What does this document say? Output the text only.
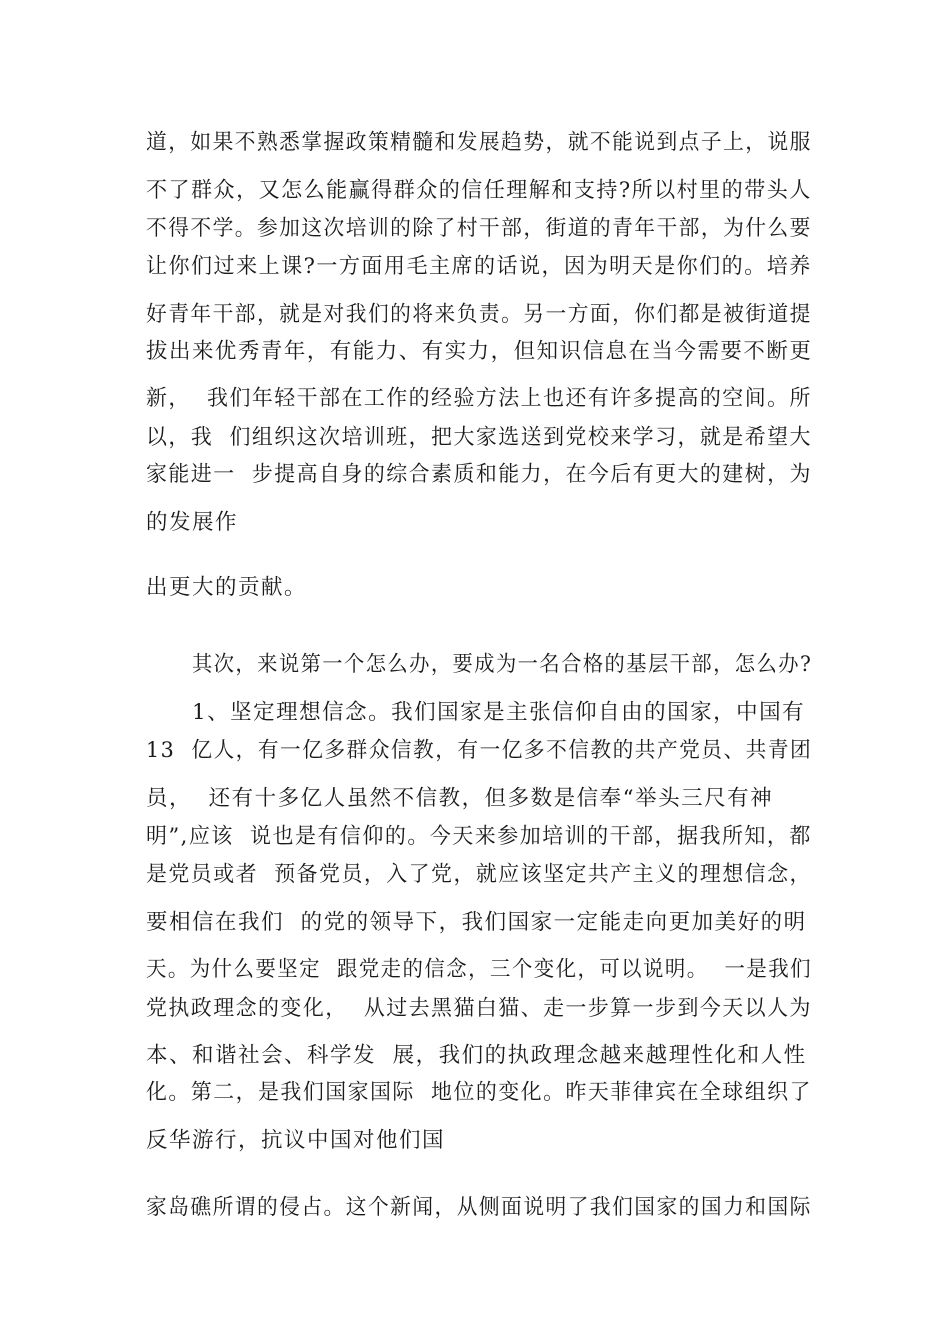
道，如果不熟悉掌握政策精髓和发展趋势，就不能说到点子上，说服
不了群众，又怎么能赢得群众的信任理解和支持?所以村里的带头人
不得不学。参加这次培训的除了村干部，街道的青年干部，为什么要
让你们过来上课?一方面用毛主席的话说，因为明天是你们的。培养
好青年干部，就是对我们的将来负责。另一方面，你们都是被街道提
拔出来优秀青年，有能力、有实力，但知识信息在当今需要不断更
新，  我们年轻干部在工作的经验方法上也还有许多提高的空间。所
以，我  们组织这次培训班，把大家选送到党校来学习，就是希望大
家能进一  步提高自身的综合素质和能力，在今后有更大的建树，为
的发展作
出更大的贡献。
其次，来说第一个怎么办，要成为一名合格的基层干部，怎么办?
1、坚定理想信念。我们国家是主张信仰自由的国家，中国有
13  亿人，有一亿多群众信教，有一亿多不信教的共产党员、共青团
员，  还有十多亿人虽然不信教，但多数是信奉“举头三尺有神
明”,应该  说也是有信仰的。今天来参加培训的干部，据我所知，都
是党员或者  预备党员，入了党，就应该坚定共产主义的理想信念，
要相信在我们  的党的领导下，我们国家一定能走向更加美好的明
天。为什么要坚定  跟党走的信念，三个变化，可以说明。  一是我们
党执政理念的变化，  从过去黑猫白猫、走一步算一步到今天以人为
本、和谐社会、科学发  展，我们的执政理念越来越理性化和人性
化。第二，是我们国家国际  地位的变化。昨天菲律宾在全球组织了
反华游行，抗议中国对他们国
家岛礁所谓的侵占。这个新闻，从侧面说明了我们国家的国力和国际
